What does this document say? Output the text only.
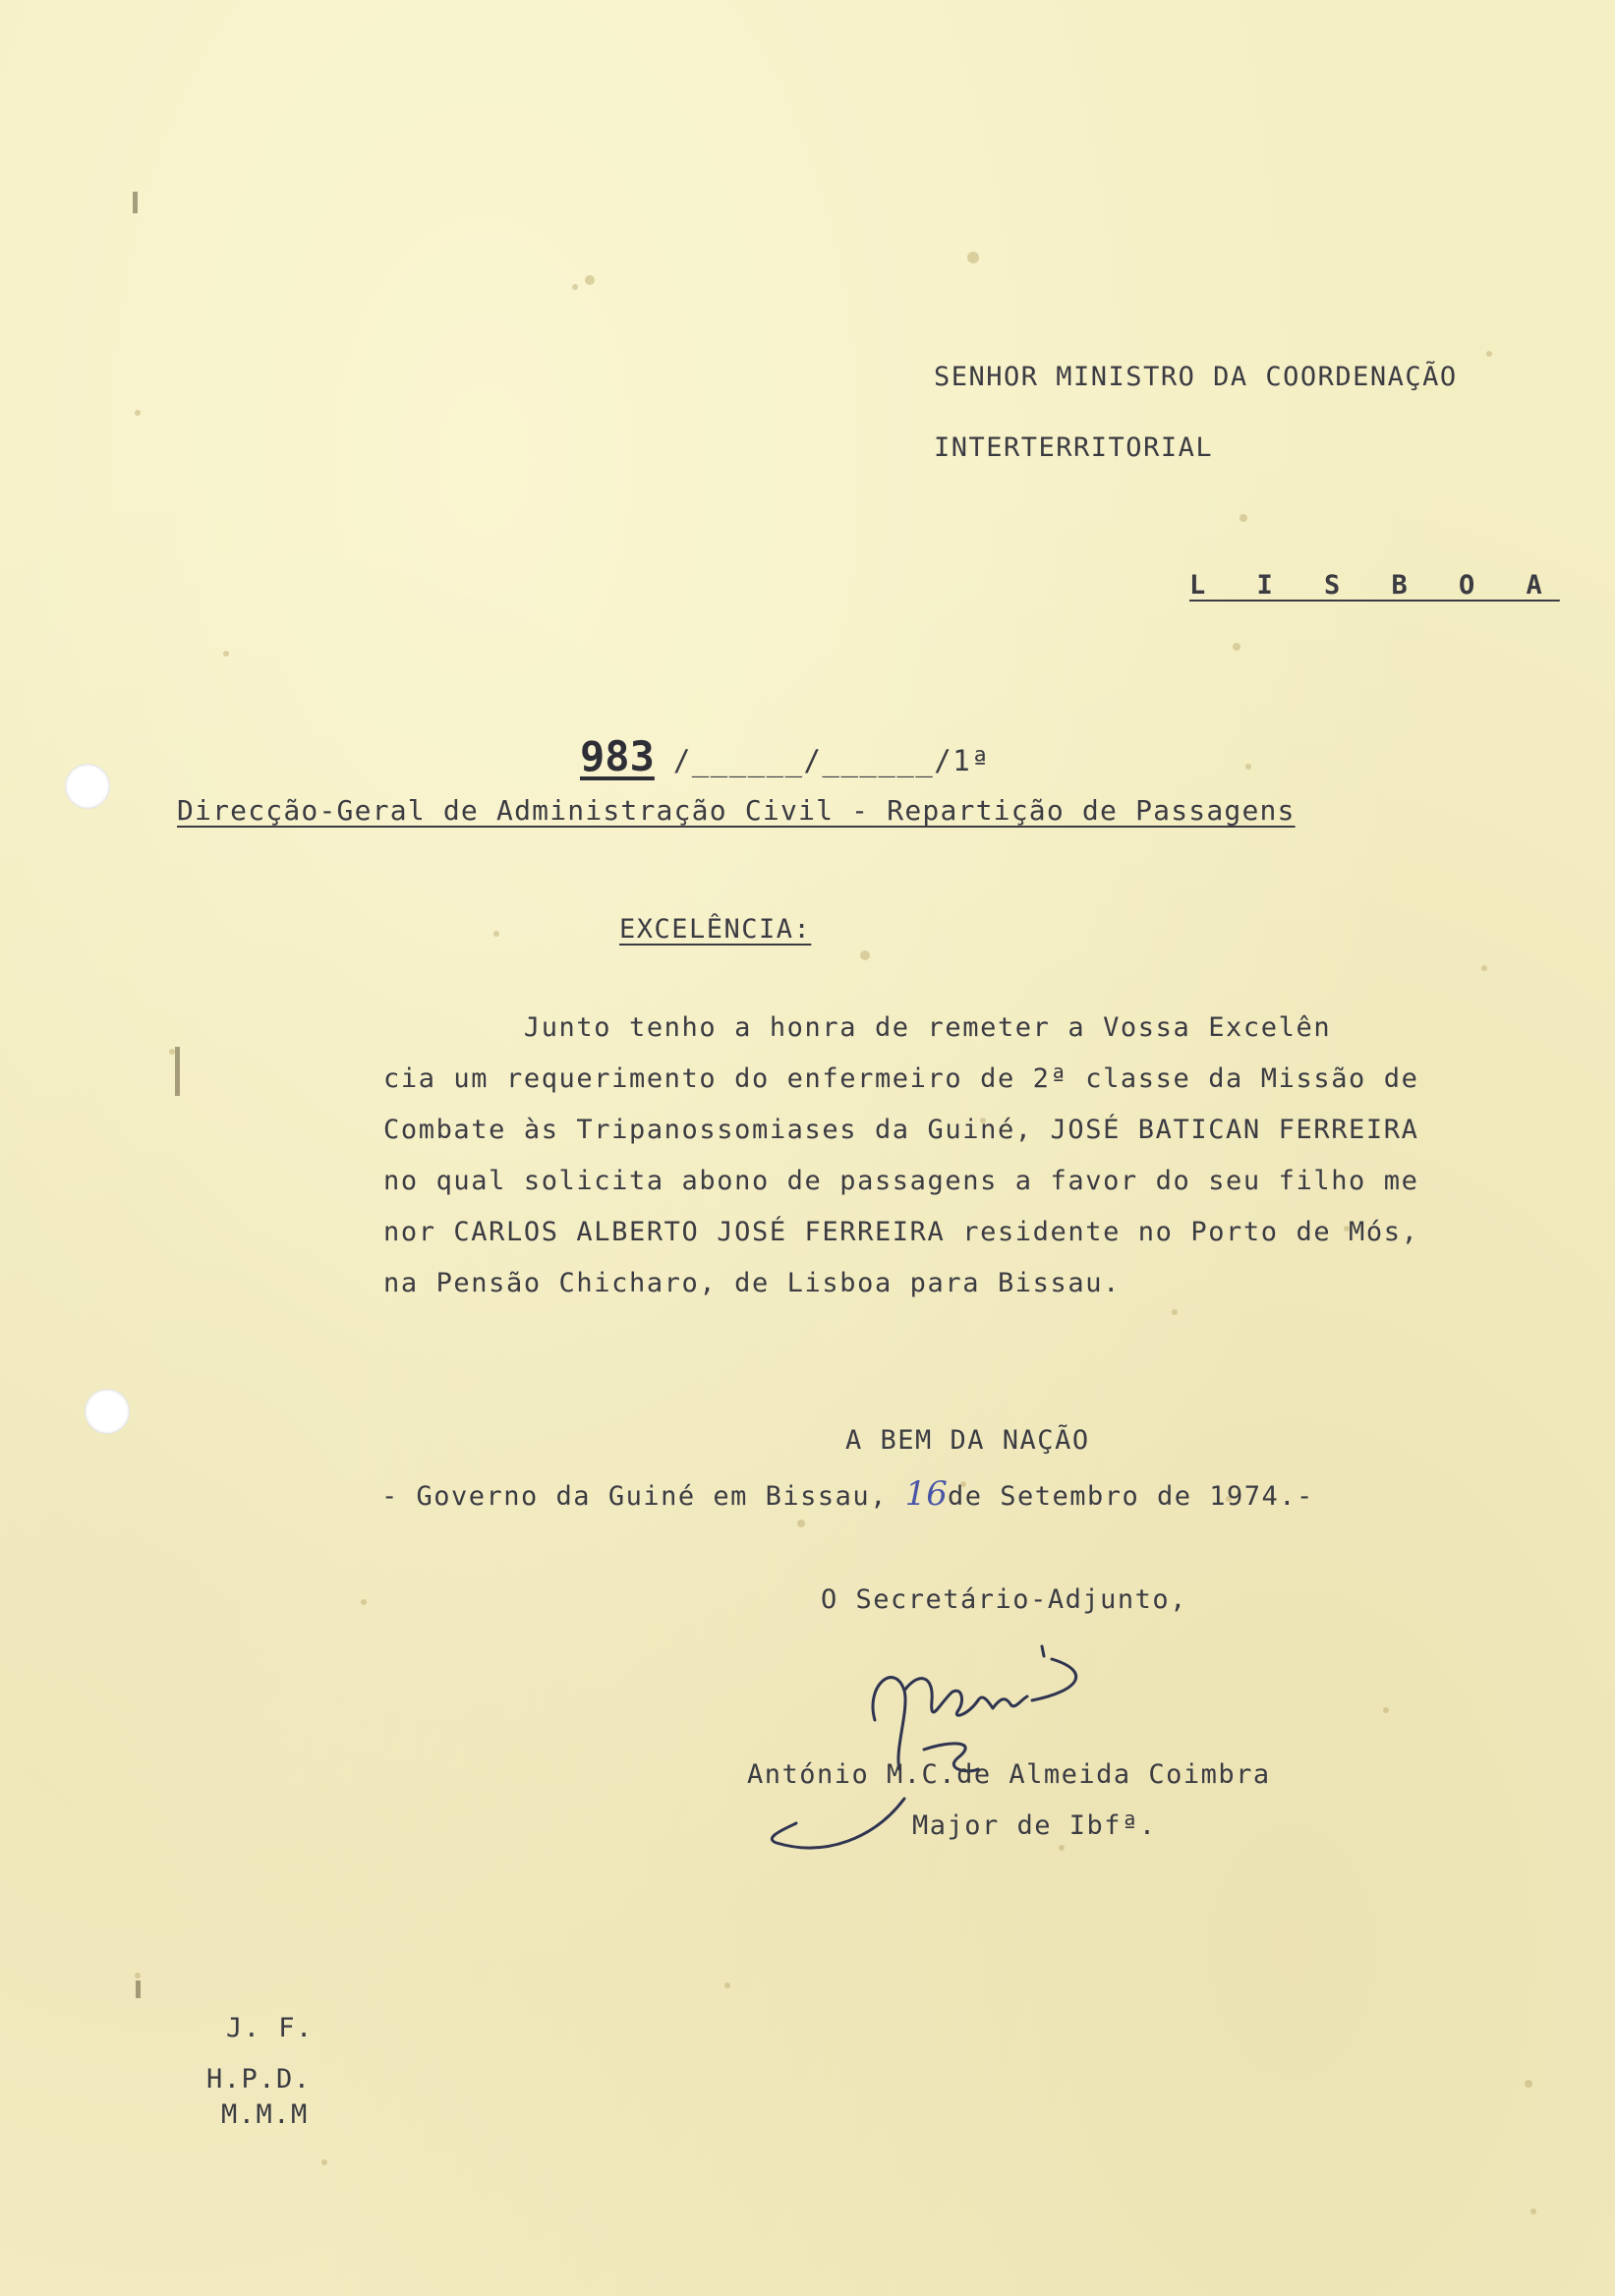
SENHOR MINISTRO DA COORDENAÇÃO
INTERTERRITORIAL
L I S B O A
983 /______/______/1ª
Direcção-Geral de Administração Civil - Repartição de Passagens
EXCELÊNCIA:

Junto tenho a honra de remeter a Vossa Excelên

cia um requerimento do enfermeiro de 2ª classe da Missão de

Combate às Tripanossomiases da Guiné, JOSÉ BATICAN FERREIRA

no qual solicita abono de passagens a favor do seu filho me

nor CARLOS ALBERTO JOSÉ FERREIRA residente no Porto de Mós,

na Pensão Chicharo, de Lisboa para Bissau.

A BEM DA NAÇÃO
- Governo da Guiné em Bissau, 16de Setembro de 1974.-
O Secretário-Adjunto,
António M.C.de Almeida Coimbra
Major de Ibfª.
J. F.
H.P.D.
M.M.M
